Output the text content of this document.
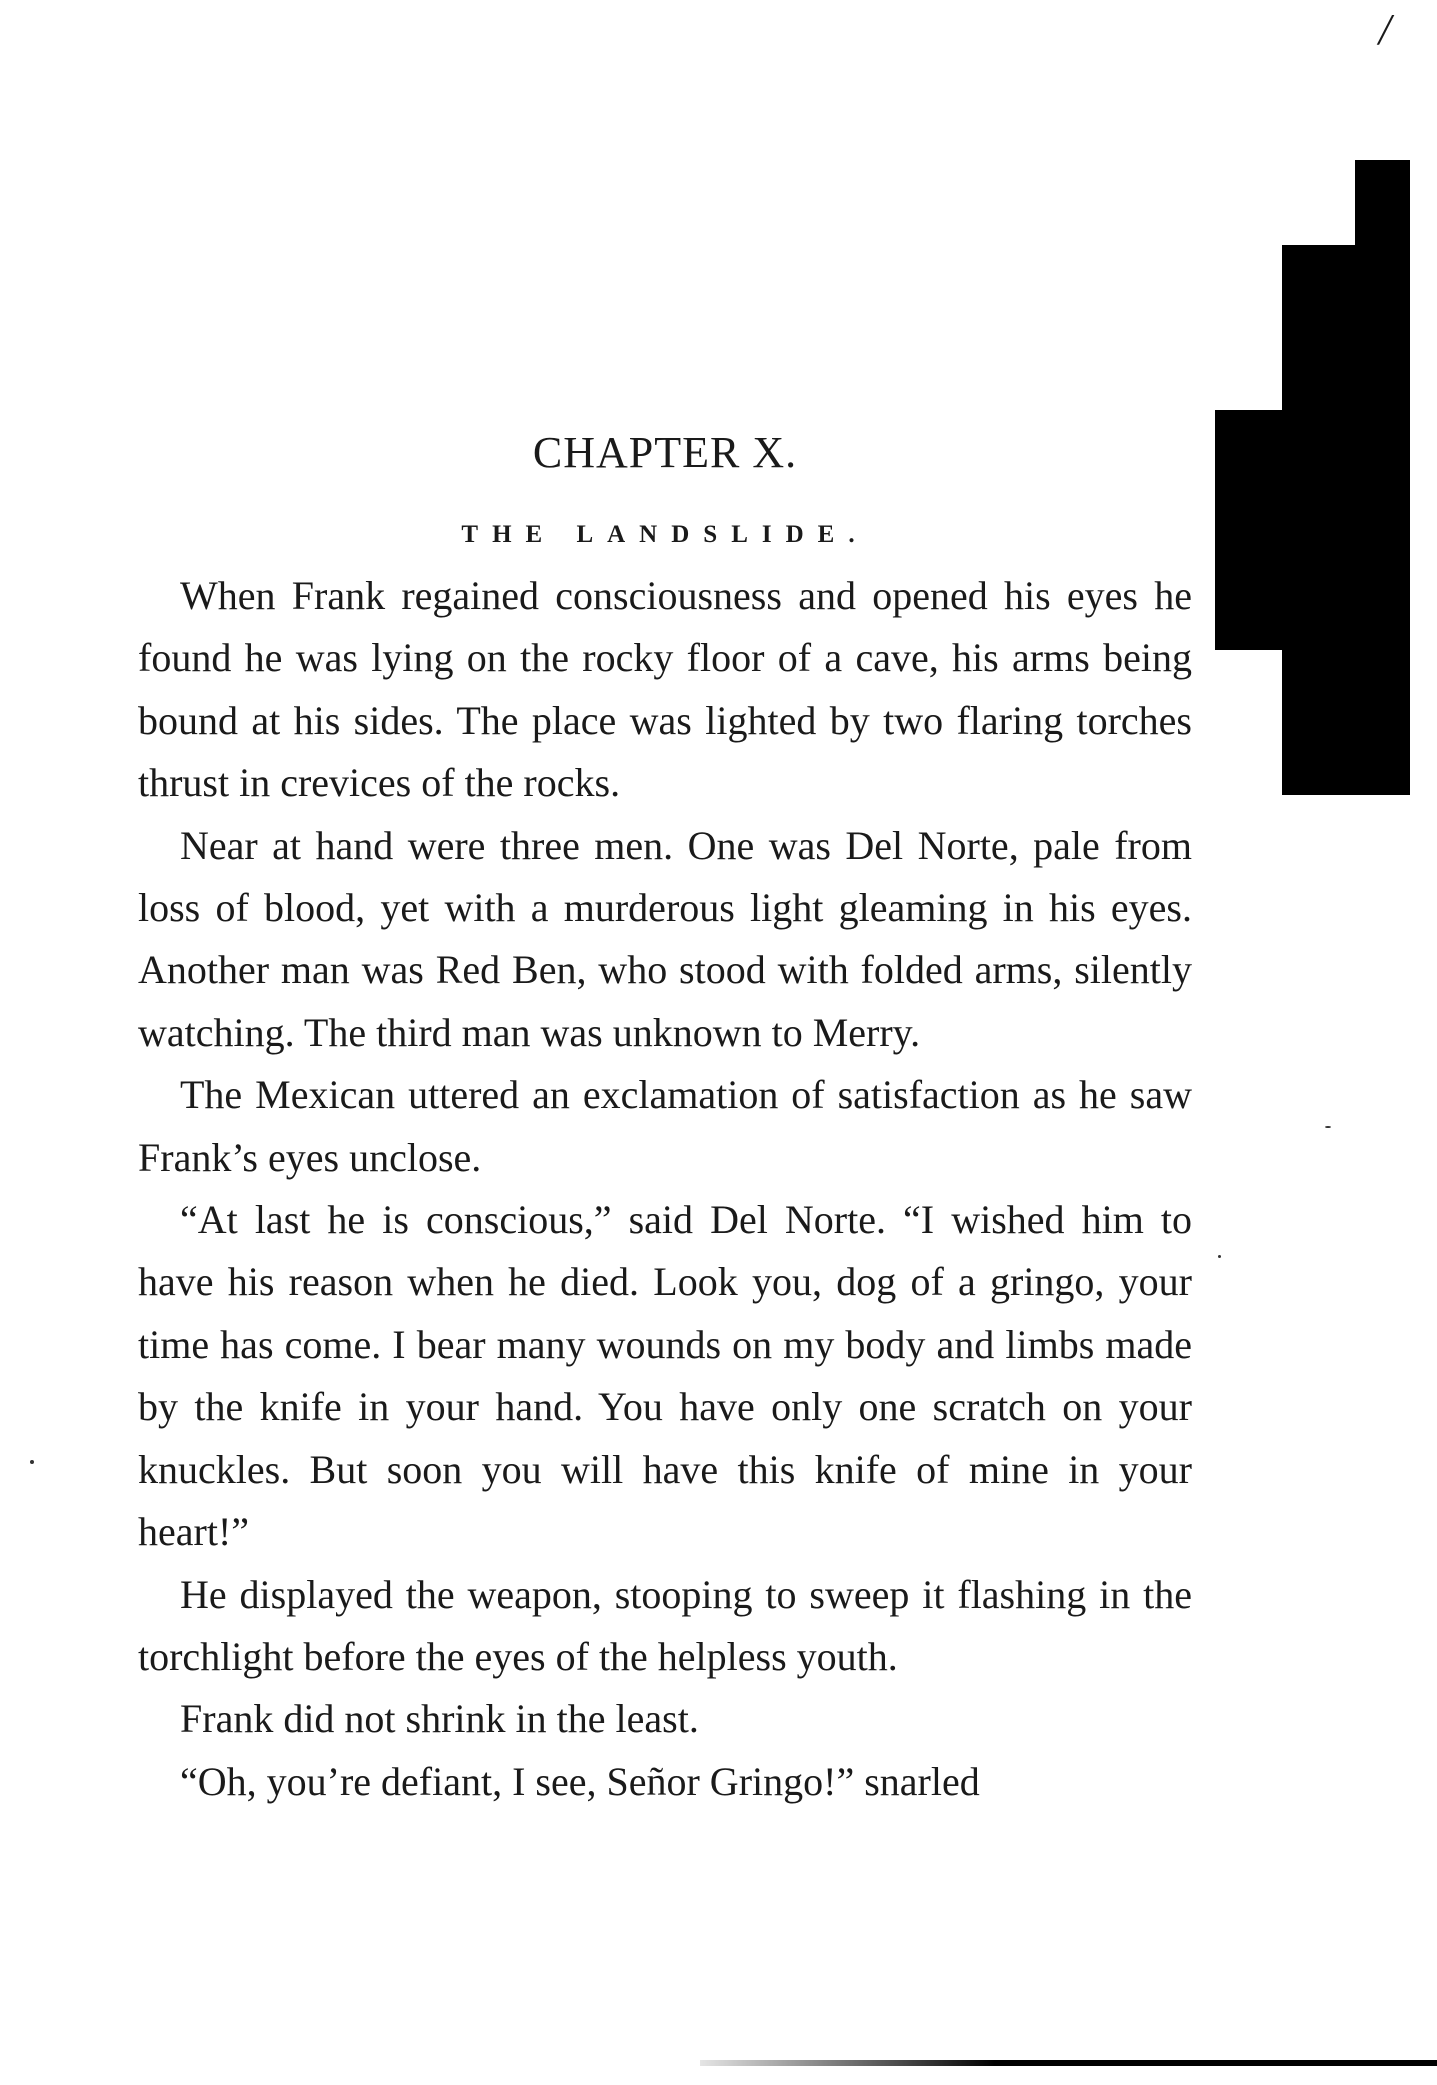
/
CHAPTER X.
THE LANDSLIDE.

When Frank regained consciousness and opened his eyes he found he was lying on the rocky floor of a cave, his arms being bound at his sides. The place was lighted by two flaring torches thrust in crevices of the rocks.

Near at hand were three men. One was Del Norte, pale from loss of blood, yet with a murderous light gleaming in his eyes. Another man was Red Ben, who stood with folded arms, silently watching. The third man was unknown to Merry.

The Mexican uttered an exclamation of satisfaction as he saw Frank’s eyes unclose.

“At last he is conscious,” said Del Norte. “I wished him to have his reason when he died. Look you, dog of a gringo, your time has come. I bear many wounds on my body and limbs made by the knife in your hand. You have only one scratch on your knuckles. But soon you will have this knife of mine in your heart!”

He displayed the weapon, stooping to sweep it flashing in the torchlight before the eyes of the helpless youth.

Frank did not shrink in the least.

“Oh, you’re defiant, I see, Señor Gringo!” snarled
